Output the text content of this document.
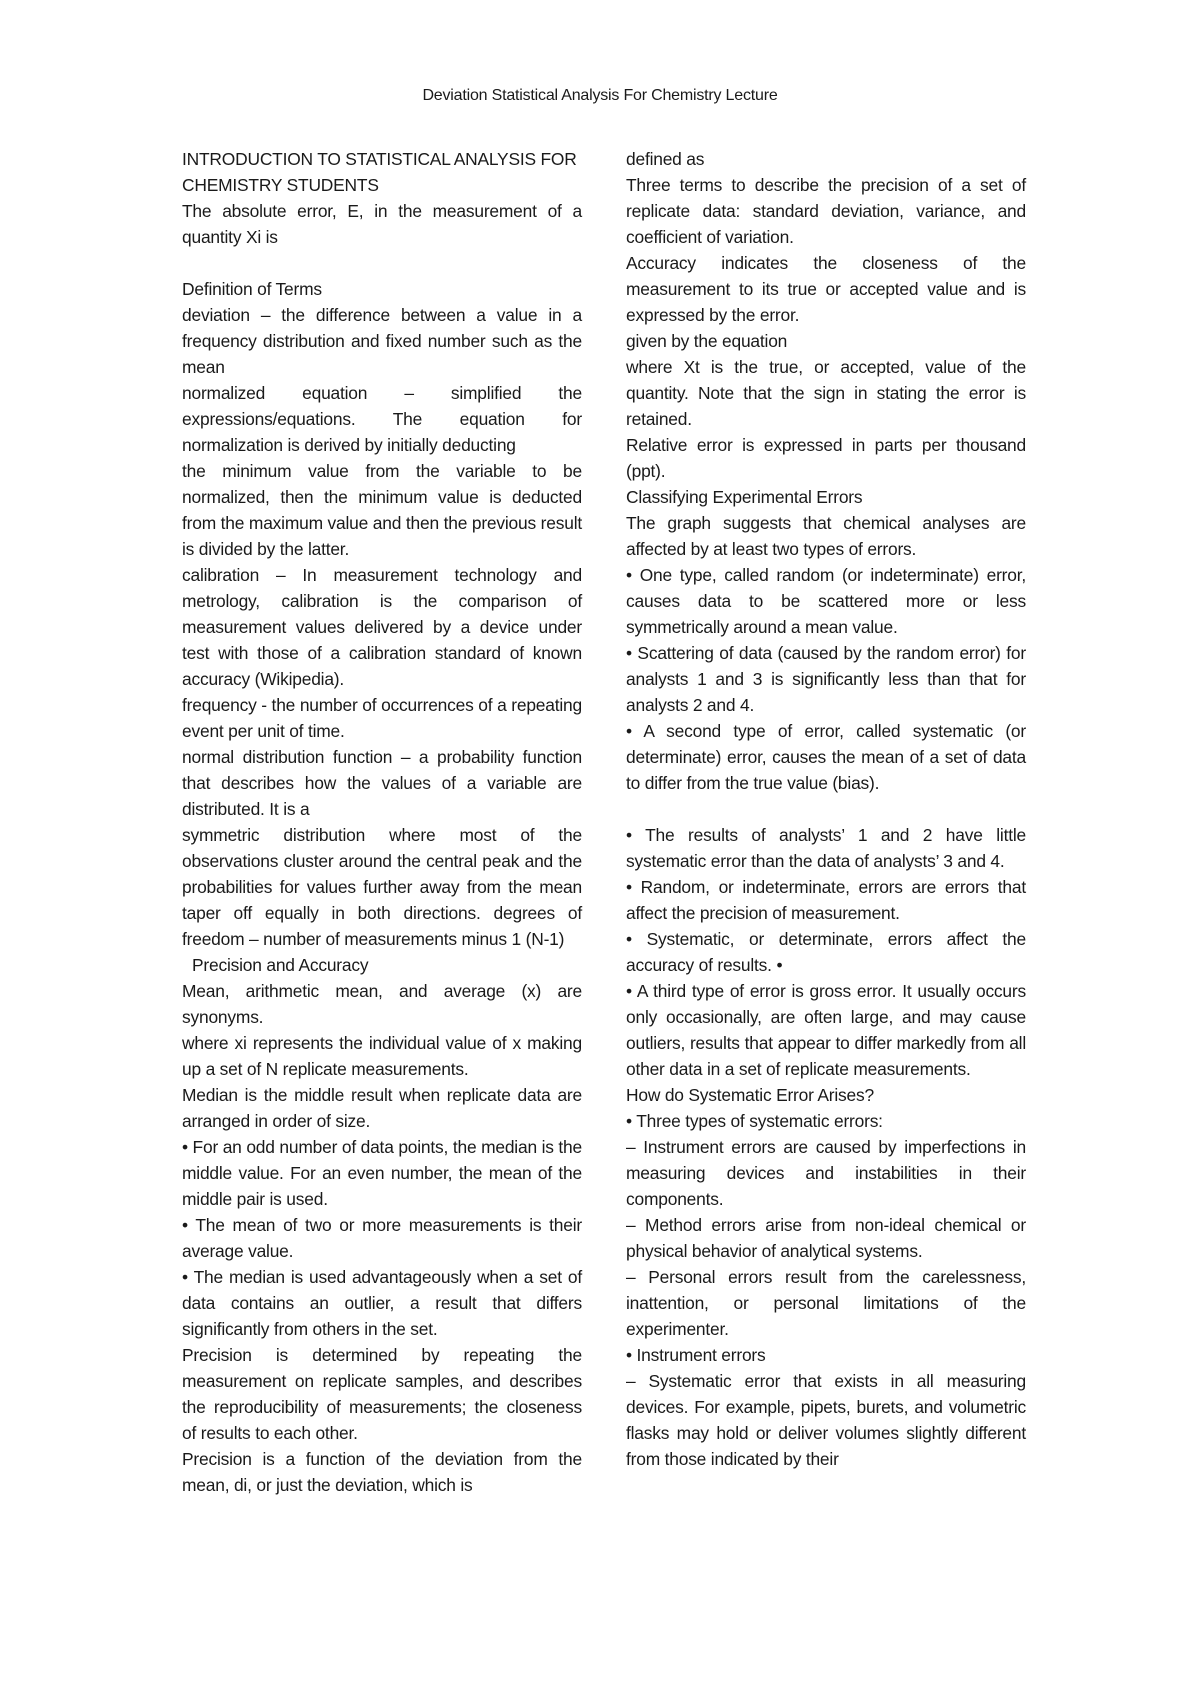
Deviation Statistical Analysis For Chemistry Lecture

INTRODUCTION TO STATISTICAL ANALYSIS FOR CHEMISTRY STUDENTS

The absolute error, E, in the measurement of a quantity Xi is

Definition of Terms

deviation – the difference between a value in a frequency distribution and fixed number such as the mean

normalized equation – simplified the expressions/equations. The equation for normalization is derived by initially deducting

the minimum value from the variable to be normalized, then the minimum value is deducted from the maximum value and then the previous result is divided by the latter.

calibration – In measurement technology and metrology, calibration is the comparison of measurement values delivered by a device under test with those of a calibration standard of known accuracy (Wikipedia).

frequency - the number of occurrences of a repeating event per unit of time.

normal distribution function – a probability function that describes how the values of a variable are distributed. It is a

symmetric distribution where most of the observations cluster around the central peak and the probabilities for values further away from the mean taper off equally in both directions. degrees of freedom – number of measurements minus 1 (N-1)

Precision and Accuracy

Mean, arithmetic mean, and average (x) are synonyms.

where xi represents the individual value of x making up a set of N replicate measurements.

Median is the middle result when replicate data are arranged in order of size.

• For an odd number of data points, the median is the middle value. For an even number, the mean of the middle pair is used.

• The mean of two or more measurements is their average value.

• The median is used advantageously when a set of data contains an outlier, a result that differs significantly from others in the set.

Precision is determined by repeating the measurement on replicate samples, and describes the reproducibility of measurements; the closeness of results to each other.

Precision is a function of the deviation from the mean, di, or just the deviation, which is

defined as

Three terms to describe the precision of a set of replicate data: standard deviation, variance, and coefficient of variation.

Accuracy indicates the closeness of the measurement to its true or accepted value and is expressed by the error.

given by the equation

where Xt is the true, or accepted, value of the quantity. Note that the sign in stating the error is retained.

Relative error is expressed in parts per thousand (ppt).

Classifying Experimental Errors

The graph suggests that chemical analyses are affected by at least two types of errors.

• One type, called random (or indeterminate) error, causes data to be scattered more or less symmetrically around a mean value.

• Scattering of data (caused by the random error) for analysts 1 and 3 is significantly less than that for analysts 2 and 4.

• A second type of error, called systematic (or determinate) error, causes the mean of a set of data to differ from the true value (bias).

• The results of analysts’ 1 and 2 have little systematic error than the data of analysts’ 3 and 4.

• Random, or indeterminate, errors are errors that affect the precision of measurement.

• Systematic, or determinate, errors affect the accuracy of results. •

• A third type of error is gross error. It usually occurs only occasionally, are often large, and may cause outliers, results that appear to differ markedly from all other data in a set of replicate measurements.

How do Systematic Error Arises?

• Three types of systematic errors:

– Instrument errors are caused by imperfections in measuring devices and instabilities in their components.

– Method errors arise from non-ideal chemical or physical behavior of analytical systems.

– Personal errors result from the carelessness, inattention, or personal limitations of the experimenter.

• Instrument errors

– Systematic error that exists in all measuring devices. For example, pipets, burets, and volumetric flasks may hold or deliver volumes slightly different from those indicated by their
